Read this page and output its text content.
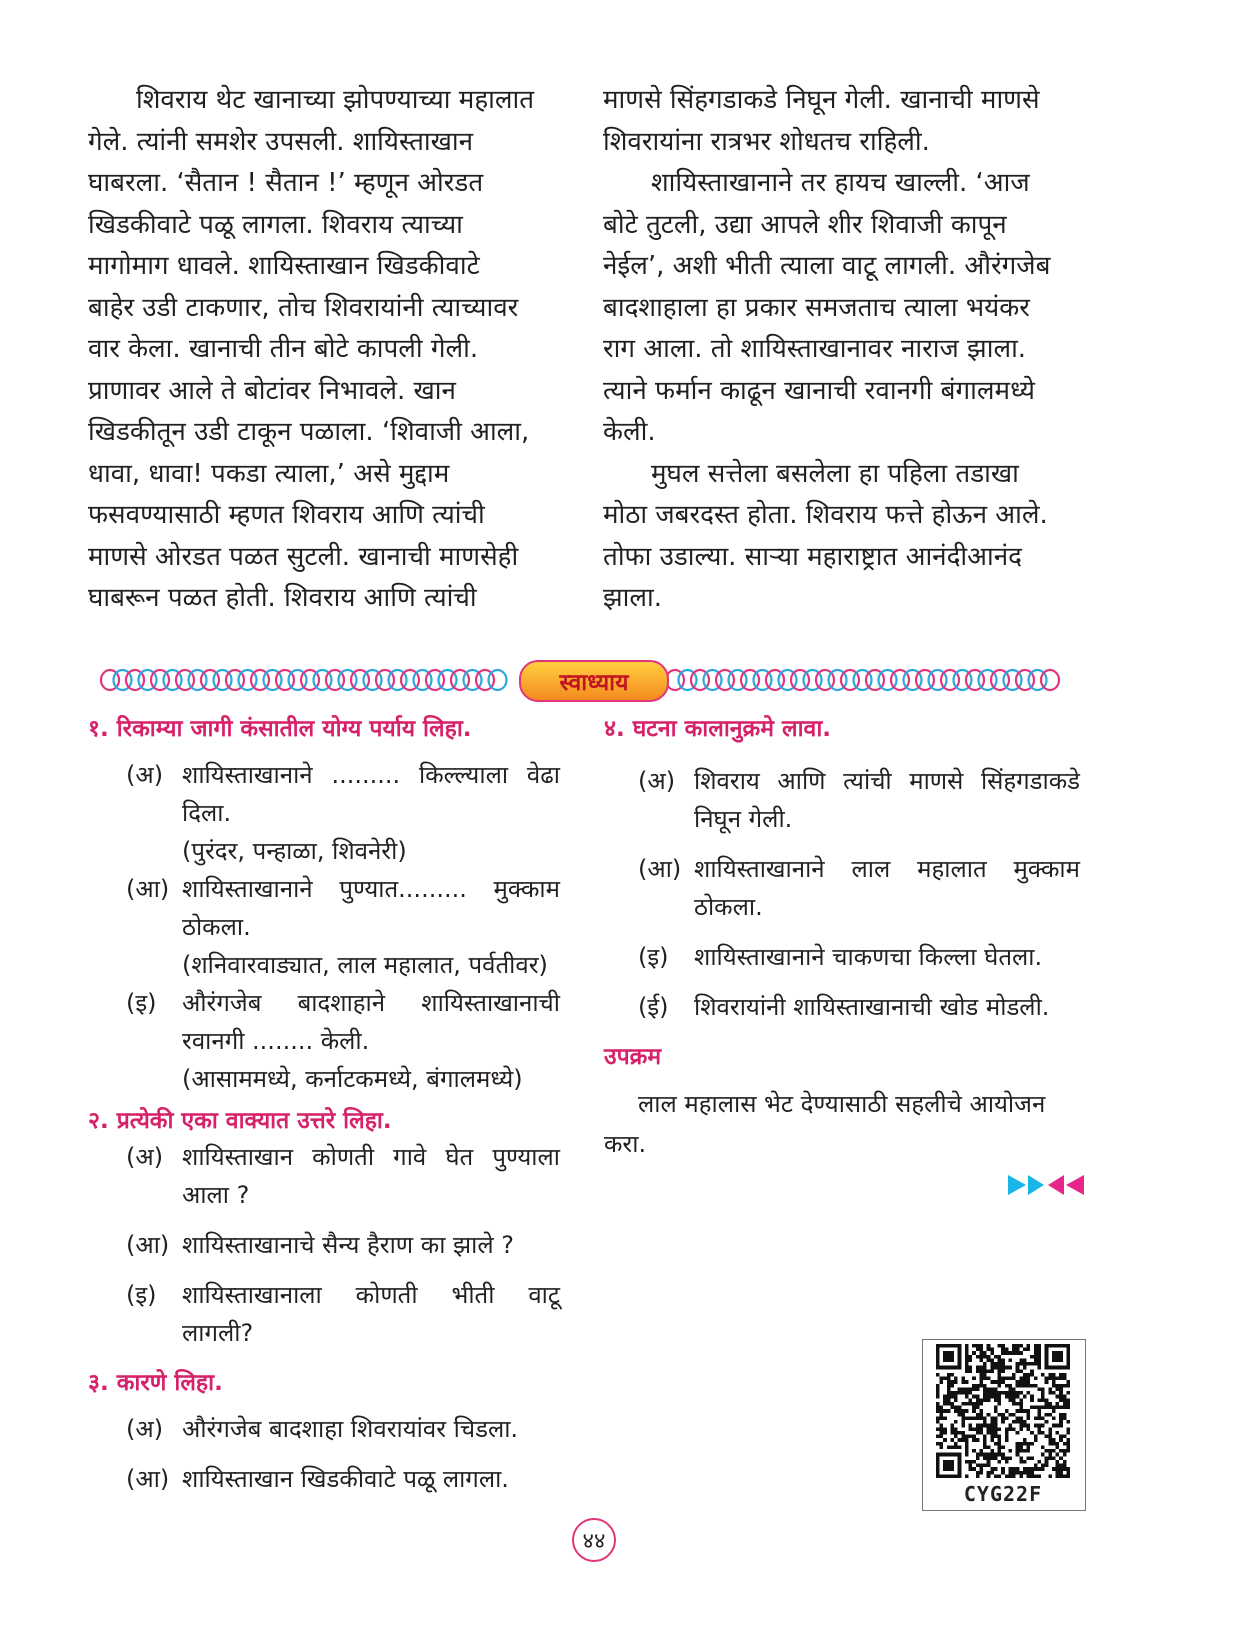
शिवराय थेट खानाच्या झोपण्याच्या महालात
गेले. त्यांनी समशेर उपसली. शायिस्ताखान
घाबरला. ‘सैतान ! सैतान !’ म्हणून ओरडत
खिडकीवाटे पळू लागला. शिवराय त्याच्या
मागोमाग धावले. शायिस्ताखान खिडकीवाटे
बाहेर उडी टाकणार, तोच शिवरायांनी त्याच्यावर
वार केला. खानाची तीन बोटे कापली गेली.
प्राणावर आले ते बोटांवर निभावले. खान
खिडकीतून उडी टाकून पळाला. ‘शिवाजी आला,
धावा, धावा! पकडा त्याला,’ असे मुद्दाम
फसवण्यासाठी म्हणत शिवराय आणि त्यांची
माणसे ओरडत पळत सुटली. खानाची माणसेही
घाबरून पळत होती. शिवराय आणि त्यांची

माणसे सिंहगडाकडे निघून गेली. खानाची माणसे
शिवरायांना रात्रभर शोधतच राहिली.

शायिस्ताखानाने तर हायच खाल्ली. ‘आज
बोटे तुटली, उद्या आपले शीर शिवाजी कापून
नेईल’, अशी भीती त्याला वाटू लागली. औरंगजेब
बादशाहाला हा प्रकार समजताच त्याला भयंकर
राग आला. तो शायिस्ताखानावर नाराज झाला.
त्याने फर्मान काढून खानाची रवानगी बंगालमध्ये
केली.

मुघल सत्तेला बसलेला हा पहिला तडाखा
मोठा जबरदस्त होता. शिवराय फत्ते होऊन आले.
तोफा उडाल्या. साऱ्या महाराष्ट्रात आनंदीआनंद
झाला.

स्वाध्याय

१. रिकाम्या जागी कंसातील योग्य पर्याय लिहा.

(अ) शायिस्ताखानाने ......... किल्ल्याला वेढा दिला.
(पुरंदर, पन्हाळा, शिवनेरी)
(आ) शायिस्ताखानाने पुण्यात......... मुक्काम ठोकला.
(शनिवारवाड्यात, लाल महालात, पर्वतीवर)
(इ)	औरंगजेब बादशाहाने शायिस्ताखानाची रवानगी ........ केली.
(आसाममध्ये, कर्नाटकमध्ये, बंगालमध्ये)

२. प्रत्येकी एका वाक्यात उत्तरे लिहा.

(अ) शायिस्ताखान कोणती गावे घेत पुण्याला आला ?
(आ) शायिस्ताखानाचे सैन्य हैराण का झाले ?
(इ)	शायिस्ताखानाला कोणती भीती वाटू लागली?

३. कारणे लिहा.

(अ) औरंगजेब बादशाहा शिवरायांवर चिडला.
(आ) शायिस्ताखान खिडकीवाटे पळू लागला.

४. घटना कालानुक्रमे लावा.

(अ) शिवराय आणि त्यांची माणसे सिंहगडाकडे निघून गेली.
(आ) शायिस्ताखानाने लाल महालात मुक्काम ठोकला.
(इ)	शायिस्ताखानाने चाकणचा किल्ला घेतला.
(ई)	शिवरायांनी शायिस्ताखानाची खोड मोडली.

उपक्रम

लाल महालास भेट देण्यासाठी सहलीचे आयोजन
करा.

CYG22F
४४
